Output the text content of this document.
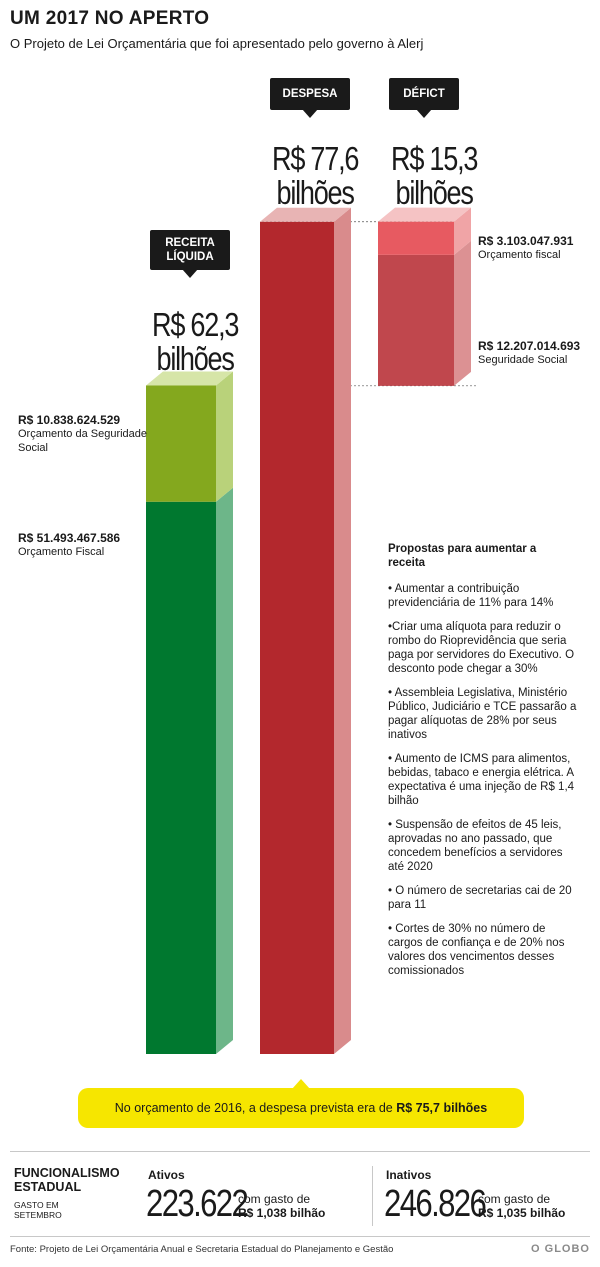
UM 2017 NO APERTO
O Projeto de Lei Orçamentária que foi apresentado pelo governo à Alerj
RECEITA LÍQUIDA
R$ 62,3
bilhões
DESPESA
R$ 77,6
bilhões
DÉFICT
R$ 15,3
bilhões
R$ 10.838.624.529
Orçamento da Seguridade Social
R$ 51.493.467.586
Orçamento Fiscal
R$ 3.103.047.931
Orçamento fiscal
R$ 12.207.014.693
Seguridade Social
Propostas para aumentar a receita
• Aumentar a contribuição previdenciária de 11% para 14%
•Criar uma alíquota para reduzir o rombo do Rioprevidência que seria paga por servidores do Executivo. O desconto pode chegar a 30%
• Assembleia Legislativa, Ministério Público, Judiciário e TCE passarão a pagar alíquotas de 28% por seus inativos
• Aumento de ICMS para alimentos, bebidas, tabaco e energia elétrica. A expectativa é uma injeção de R$ 1,4 bilhão
• Suspensão de efeitos de 45 leis, aprovadas no ano passado, que concedem benefícios a servidores até 2020
• O número de secretarias cai de 20 para 11
• Cortes de 30% no número de cargos de confiança e de 20% nos valores dos vencimentos desses comissionados
No orçamento de 2016, a despesa prevista era de R$ 75,7 bilhões
FUNCIONALISMO ESTADUAL
GASTO EM SETEMBRO
Ativos
223.622
com gasto de
R$ 1,038 bilhão
Inativos
246.826
com gasto de
R$ 1,035 bilhão
Fonte: Projeto de Lei Orçamentária Anual e Secretaria Estadual do Planejamento e Gestão	O GLOBO
